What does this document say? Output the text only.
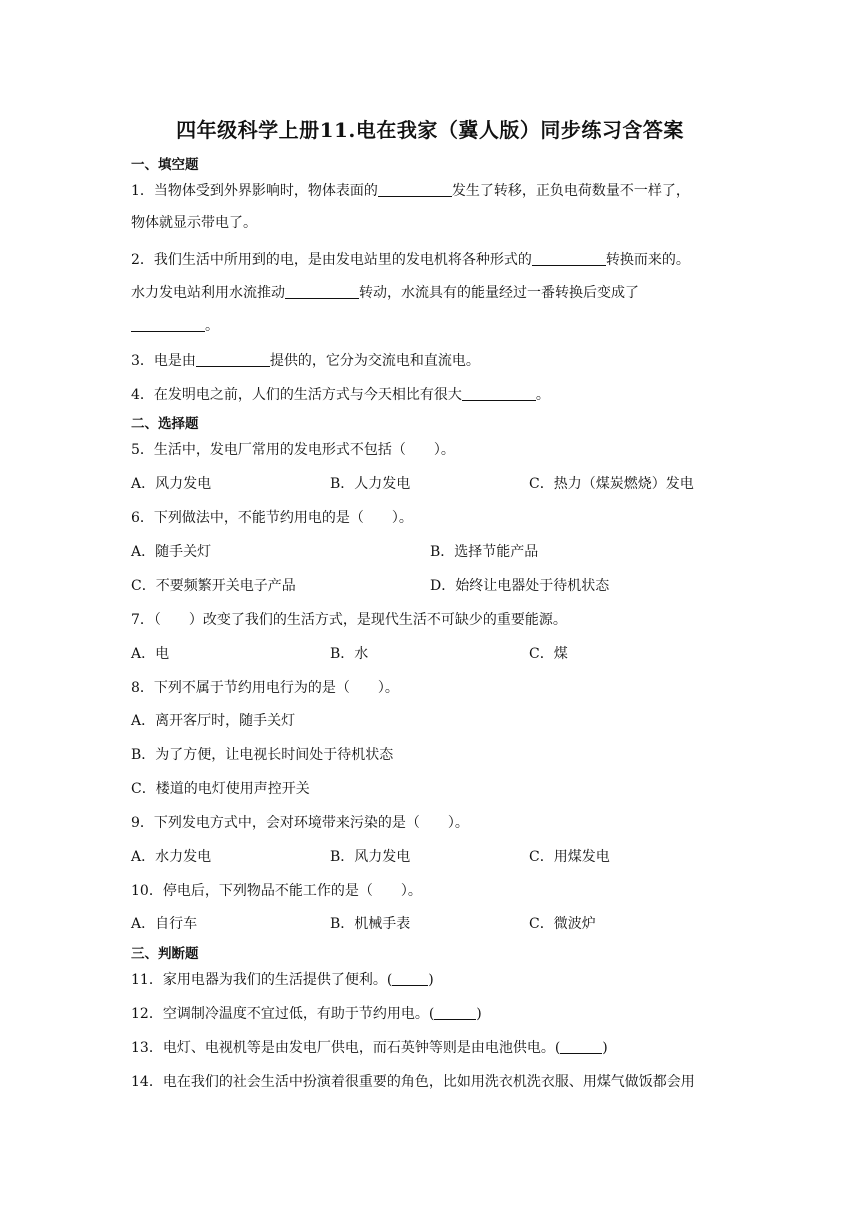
四年级科学上册11.电在我家（冀人版）同步练习含答案
一、填空题
1．当物体受到外界影响时，物体表面的	发生了转移，正负电荷数量不一样了，
物体就显示带电了。
2．我们生活中所用到的电，是由发电站里的发电机将各种形式的	转换而来的。
水力发电站利用水流推动	转动，水流具有的能量经过一番转换后变成了
。
3．电是由	提供的，它分为交流电和直流电。
4．在发明电之前，人们的生活方式与今天相比有很大	。
二、选择题
5．生活中，发电厂常用的发电形式不包括（　　）。
A．风力发电	B．人力发电	C．热力（煤炭燃烧）发电
6．下列做法中，不能节约用电的是（　　）。
A．随手关灯	B．选择节能产品
C．不要频繁开关电子产品	D．始终让电器处于待机状态
7．（　　）改变了我们的生活方式，是现代生活不可缺少的重要能源。
A．电	B．水	C．煤
8．下列不属于节约用电行为的是（　　）。
A．离开客厅时，随手关灯
B．为了方便，让电视长时间处于待机状态
C．楼道的电灯使用声控开关
9．下列发电方式中，会对环境带来污染的是（　　）。
A．水力发电	B．风力发电	C．用煤发电
10．停电后，下列物品不能工作的是（　　）。
A．自行车	B．机械手表	C．微波炉
三、判断题
11．家用电器为我们的生活提供了便利。(	)
12．空调制冷温度不宜过低，有助于节约用电。(	)
13．电灯、电视机等是由发电厂供电，而石英钟等则是由电池供电。(	)
14．电在我们的社会生活中扮演着很重要的角色，比如用洗衣机洗衣服、用煤气做饭都会用
